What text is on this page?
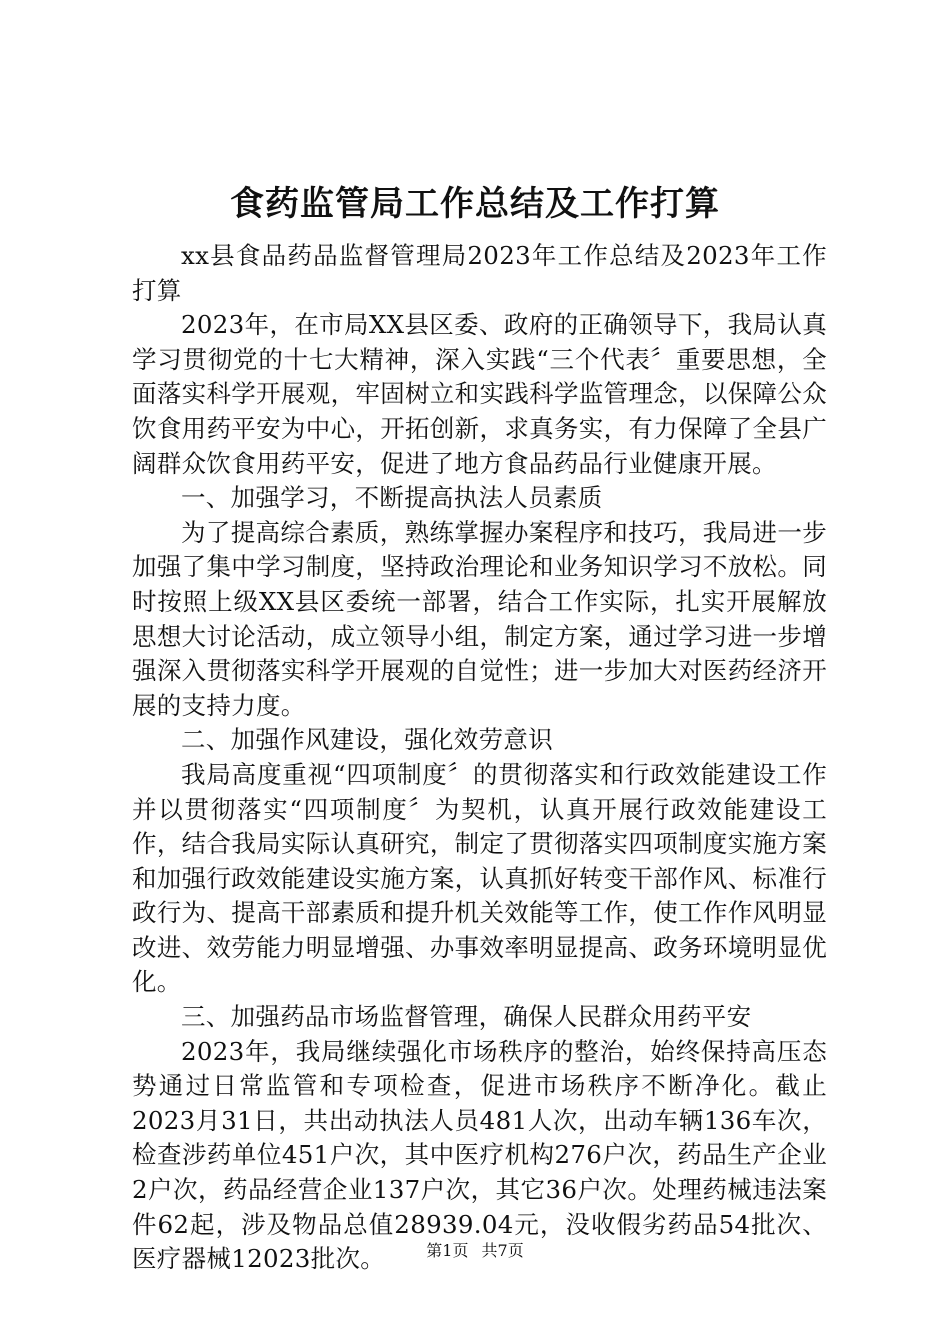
食药监管局工作总结及工作打算

xx县食品药品监督管理局2023年工作总结及2023年工作打算

2023年，在市局XX县区委、政府的正确领导下，我局认真学习贯彻党的十七大精神，深入实践“三个代表〞重要思想，全面落实科学开展观，牢固树立和实践科学监管理念，以保障公众饮食用药平安为中心，开拓创新，求真务实，有力保障了全县广阔群众饮食用药平安，促进了地方食品药品行业健康开展。

一、加强学习，不断提高执法人员素质

为了提高综合素质，熟练掌握办案程序和技巧，我局进一步加强了集中学习制度，坚持政治理论和业务知识学习不放松。同时按照上级XX县区委统一部署，结合工作实际，扎实开展解放思想大讨论活动，成立领导小组，制定方案，通过学习进一步增强深入贯彻落实科学开展观的自觉性；进一步加大对医药经济开展的支持力度。

二、加强作风建设，强化效劳意识

我局高度重视“四项制度〞的贯彻落实和行政效能建设工作并以贯彻落实“四项制度〞为契机，认真开展行政效能建设工作，结合我局实际认真研究，制定了贯彻落实四项制度实施方案和加强行政效能建设实施方案，认真抓好转变干部作风、标准行政行为、提高干部素质和提升机关效能等工作，使工作作风明显改进、效劳能力明显增强、办事效率明显提高、政务环境明显优化。

三、加强药品市场监督管理，确保人民群众用药平安

2023年，我局继续强化市场秩序的整治，始终保持高压态势通过日常监管和专项检查，促进市场秩序不断净化。截止2023月31日，共出动执法人员481人次，出动车辆136车次，检查涉药单位451户次，其中医疗机构276户次，药品生产企业2户次，药品经营企业137户次，其它36户次。处理药械违法案件62起，涉及物品总值28939.04元，没收假劣药品54批次、医疗器械12023批次。	第1页 共7页
